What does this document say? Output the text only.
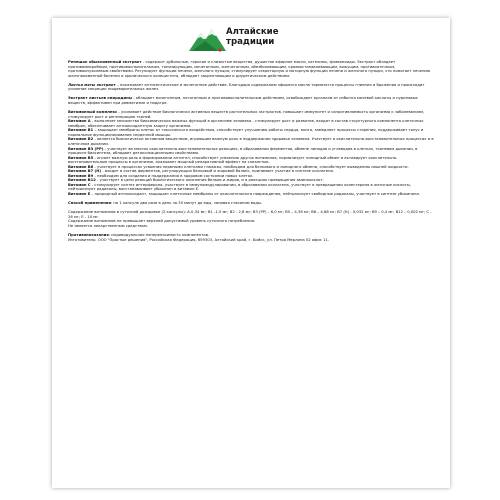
Алтайские
традиции

Репешок обыкновенный экстракт - содержит дубильные, горькие и слизистые вещества, душистое эфирное масло, катехины, флавоноиды. Экстракт обладает противомикробным, противовоспалительным, тонизирующим, мочегонным, желчегонным, обезболивающим, кровоостанавливающим, вяжущим, противоотечным, противоопухолевым свойствами. Регулирует функции печени, желчного пузыря; стимулирует секреторную и моторную функции печени и желчного пузыря, что помогает лечению желчнокаменной болезни и хронического холецистита, обладает закрепляющим и диуретическим действием.

Листья мяты экстракт – показывает антисептическое и мочегонное действие. Благодаря содержанию эфирного масла тормозятся процессы гниения и брожения и происходит усиление секреции пищеварительных желез.

Экстракт листьев смородины - обладает мочегонным, потогонным и противовоспалительным действием, освобождает организм от избытка мочевой кислоты и пуриновых веществ, эффективен при ревматизме и подагре.

Витаминный комплекс - усиливает действие биологически активных веществ растительных экстрактов, повышает иммунитет и сопротивляемость организма к заболеваниям, стимулирует рост и регенерацию тканей.

Витамин А - выполняет множество биохимических важных функций в организме человека - стимулирует рост и развитие, входит в состав структурного компонента клеточных мембран, обеспечивает антиоксидантную защиту организма.

Витамин В1 – защищает мембраны клеток от токсического воздействия, способствует улучшению работы сердца, мозга, замедляет процессы старения, поддерживает тонус и нормальное функционирование сердечной мышцы.

Витамин В2 - является биологически активным веществом, играющим важную роль в поддержании здоровья человека. Участвует в окислительно-восстановительных процессах и в клеточном дыхании.

Витамин В3 (РР) - участвует во многих окислительно-восстановительных реакциях, в образовании ферментов, обмене липидов и углеводов в клетках, тканевом дыхании, в процессе биосинтеза, обладает детоксикационными свойствами.

Витамин В5 - играет важную роль в формировании антител, способствует усвоению других витаминов, нормализует липидный обмен и активирует окислительно-восстановительные процессы в организме, оказывает мощный репаративный эффект на слизистые.

Витамин В6 - участвует в процессах усвоения нервными клетками глюкозы, необходим для белкового и липидного обмена, способствует выведению лишней жидкости.

Витамин В7 (Н) - входит в состав ферментов, регулирующих белковый и жировой баланс, принимает участие в синтезе коллагена.

Витамин В9 - необходим для создания и поддержания в здоровом состоянии новых клеток.

Витамин В12 - участвует в цепи реакций биологического окисления белков и жиров, и в реакциях превращения аминокислот.

Витамин С - стимулирует синтез интерферона, участвует в иммуномодулировании, в образовании коллагена, участвует в превращении холестерина в желчные кислоты, нейтрализует радикалы, восстанавливает убихинон и витамин Е.

Витамин Е – природный антиоксидант, защищает клеточные мембраны от окислительного повреждения, нейтрализует свободные радикалы, участвует в синтезе убихинона.

Способ применения: по 1 капсуле два раза в день за 30 минут до еды, запивая стаканом воды.

Содержание витаминов в суточной дозировке (2 капсулы): А-0,34 мг; В1 -1,5 мг; В2 - 2,8 мг; В3 (РР) – 6,0 мг; В5 – 4,36 мг; В6 – 4,88 мг; В7 (Н) - 0,032 мг; В9 – 0,4 мг; В12 – 0,002 мг; С - 26 мг; Е - 10 мг.

Содержание витаминов не превышает верхний допустимый уровень суточного потребления.

Не является лекарственным средством.

Противопоказания: индивидуальная непереносимость компонентов.

Изготовитель: ООО "Простые решения", Российская Федерация, 659303, Алтайский край, г. Бийск, ул. Петра Мерлина 52 офис 11.
